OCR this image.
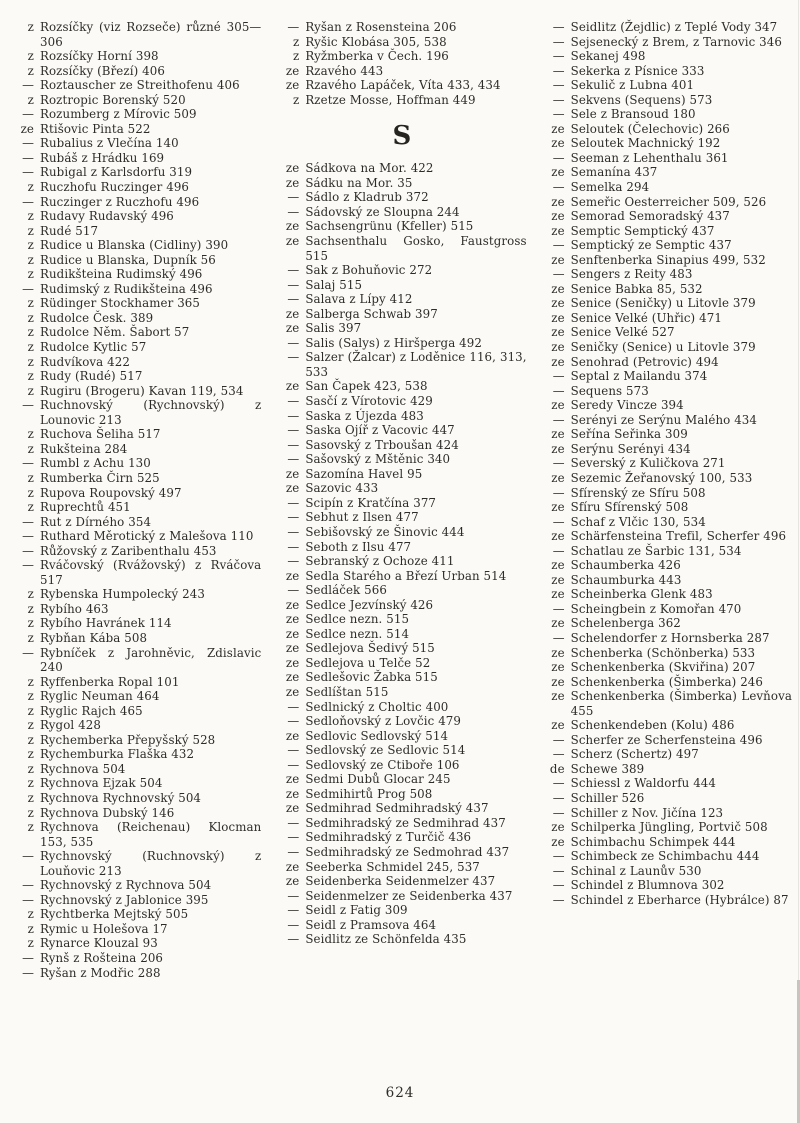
z Rozsíčky (viz Rozseče) různé 305—306
z Rozsíčky Horní 398
z Rozsíčky (Březí) 406
— Roztauscher ze Streithofenu 406
z Roztropic Borenský 520
— Rozumberg z Mírovic 509
ze Rtišovic Pinta 522
— Rubalius z Vlečína 140
— Rubáš z Hrádku 169
— Rubigal z Karlsdorfu 319
z Ruczhofu Ruczinger 496
— Ruczinger z Ruczhofu 496
z Rudavy Rudavský 496
z Rudé 517
z Rudice u Blanska (Cidliny) 390
z Rudice u Blanska, Dupník 56
z Rudikšteina Rudimský 496
— Rudimský z Rudikšteina 496
z Rüdinger Stockhamer 365
z Rudolce Česk. 389
z Rudolce Něm. Šabort 57
z Rudolce Kytlic 57
z Rudvíkova 422
z Rudy (Rudé) 517
z Rugiru (Brogeru) Kavan 119, 534
— Ruchnovský (Rychnovský) z Lounovic 213
z Ruchova Šeliha 517
z Rukšteina 284
— Rumbl z Achu 130
z Rumberka Čirn 525
z Rupova Roupovský 497
z Ruprechtů 451
— Rut z Dírného 354
— Ruthard Měrotický z Malešova 110
— Růžovský z Zaribenthalu 453
— Rváčovský (Rvážovský) z Rváčova 517
z Rybenska Humpolecký 243
z Rybího 463
z Rybího Havránek 114
z Rybňan Kába 508
— Rybníček z Jarohněvic, Zdislavic 240
z Ryffenberka Ropal 101
z Ryglic Neuman 464
z Ryglic Rajch 465
z Rygol 428
z Rychemberka Přepyšský 528
z Rychemburka Flaška 432
z Rychnova 504
z Rychnova Ejzak 504
z Rychnova Rychnovský 504
z Rychnova Dubský 146
z Rychnova (Reichenau) Klocman 153, 535
— Rychnovský (Ruchnovský) z Louňovic 213
— Rychnovský z Rychnova 504
— Rychnovský z Jablonice 395
z Rychtberka Mejtský 505
z Rymic u Holešova 17
z Rynarce Klouzal 93
— Rynš z Rošteina 206
— Ryšan z Modřic 288
— Ryšan z Rosensteina 206
z Ryšic Klobása 305, 538
z Ryžmberka v Čech. 196
ze Rzavého 443
ze Rzavého Lapáček, Víta 433, 434
z Rzetze Mosse, Hoffman 449
S
ze Sádkova na Mor. 422
ze Sádku na Mor. 35
— Sádlo z Kladrub 372
— Sádovský ze Sloupna 244
ze Sachsengrünu (Kfeller) 515
ze Sachsenthalu Gosko, Faustgross 515
— Sak z Bohuňovic 272
— Salaj 515
— Salava z Lípy 412
ze Salberga Schwab 397
ze Salis 397
— Salis (Salys) z Hiršperga 492
— Salzer (Žalcar) z Loděnice 116, 313, 533
ze San Čapek 423, 538
— Sasčí z Vírotovic 429
— Saska z Újezda 483
— Saska Ojíř z Vacovic 447
— Sasovský z Trboušan 424
— Sašovský z Mštěnic 340
ze Sazomína Havel 95
ze Sazovic 433
— Scipín z Kratčína 377
— Sebhut z Ilsen 477
— Sebišovský ze Šinovic 444
— Seboth z Ilsu 477
— Sebranský z Ochoze 411
ze Sedla Starého a Březí Urban 514
— Sedláček 566
ze Sedlce Jezvínský 426
ze Sedlce nezn. 515
ze Sedlce nezn. 514
ze Sedlejova Šedivý 515
ze Sedlejova u Telče 52
ze Sedlešovic Žabka 515
ze Sedlíštan 515
— Sedlnický z Choltic 400
— Sedloňovský z Lovčic 479
ze Sedlovic Sedlovský 514
— Sedlovský ze Sedlovic 514
— Sedlovský ze Ctiboře 106
ze Sedmi Dubů Glocar 245
ze Sedmihirtů Prog 508
ze Sedmihrad Sedmihradský 437
— Sedmihradský ze Sedmihrad 437
— Sedmihradský z Turčič 436
— Sedmihradský ze Sedmohrad 437
ze Seeberka Schmidel 245, 537
ze Seidenberka Seidenmelzer 437
— Seidenmelzer ze Seidenberka 437
— Seidl z Fatig 309
— Seidl z Pramsova 464
— Seidlitz ze Schönfelda 435
— Seidlitz (Žejdlic) z Teplé Vody 347
— Sejsenecký z Brem, z Tarnovic 346
— Sekanej 498
— Sekerka z Písnice 333
— Sekulič z Lubna 401
— Sekvens (Sequens) 573
— Sele z Bransoud 180
ze Seloutek (Čelechovic) 266
ze Seloutek Machnický 192
— Seeman z Lehenthalu 361
ze Semanína 437
— Semelka 294
ze Semeřic Oesterreicher 509, 526
ze Semorad Semoradský 437
ze Semptic Semptický 437
— Semptický ze Semptic 437
ze Senftenberka Sinapius 499, 532
— Sengers z Reity 483
ze Senice Babka 85, 532
ze Senice (Seničky) u Litovle 379
ze Senice Velké (Uhřic) 471
ze Senice Velké 527
ze Seničky (Senice) u Litovle 379
ze Senohrad (Petrovic) 494
— Septal z Mailandu 374
— Sequens 573
ze Seredy Vincze 394
— Serényi ze Serýnu Malého 434
ze Seřína Seřinka 309
ze Serýnu Serényi 434
— Severský z Kuličkova 271
ze Sezemic Žeřanovský 100, 533
— Sfírenský ze Sfíru 508
ze Sfíru Sfírenský 508
— Schaf z Vlčic 130, 534
ze Schärfensteina Trefil, Scherfer 496
— Schatlau ze Šarbic 131, 534
ze Schaumberka 426
ze Schaumburka 443
ze Scheinberka Glenk 483
— Scheingbein z Komořan 470
ze Schelenberga 362
— Schelendorfer z Hornsberka 287
ze Schenberka (Schönberka) 533
ze Schenkenberka (Skviřina) 207
ze Schenkenberka (Šimberka) 246
ze Schenkenberka (Šimberka) Levňova 455
ze Schenkendeben (Kolu) 486
— Scherfer ze Scherfensteina 496
— Scherz (Schertz) 497
de Schewe 389
— Schiessl z Waldorfu 444
— Schiller 526
— Schiller z Nov. Jičína 123
ze Schilperka Jüngling, Portvič 508
ze Schimbachu Schimpek 444
— Schimbeck ze Schimbachu 444
— Schinal z Launův 530
— Schindel z Blumnova 302
— Schindel z Eberharce (Hybrálce) 87
624
